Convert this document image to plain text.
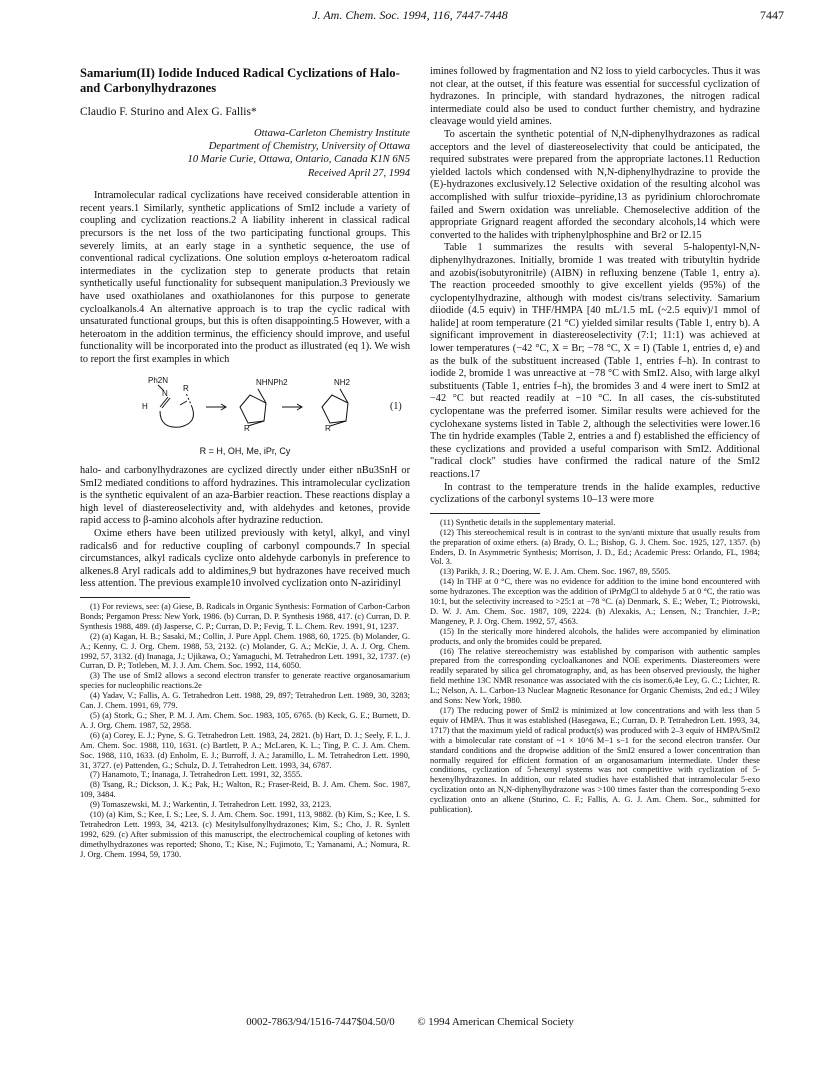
J. Am. Chem. Soc. 1994, 116, 7447-7448	7447
Samarium(II) Iodide Induced Radical Cyclizations of Halo- and Carbonylhydrazones
Claudio F. Sturino and Alex G. Fallis*
Ottawa-Carleton Chemistry Institute
Department of Chemistry, University of Ottawa
10 Marie Curie, Ottawa, Ontario, Canada K1N 6N5
Received April 27, 1994

Intramolecular radical cyclizations have received considerable attention in recent years.1 Similarly, synthetic applications of SmI2 include a variety of coupling and cyclization reactions.2 A liability inherent in classical radical precursors is the net loss of the two participating functional groups. This severely limits, at an early stage in a synthetic sequence, the use of conventional radical cyclizations. One solution employs α-heteroatom radical intermediates in the cyclization step to generate products that retain synthetically useful functionality for subsequent manipulation.3 Previously we have used oxathiolanes and oxathiolanones for this purpose to generate cycloalkanols.4 An alternative approach is to trap the cyclic radical with unsaturated functional groups, but this is often disappointing.5 However, with a heteroatom in the addition terminus, the efficiency should improve, and useful functionality will be incorporated into the product as illustrated (eq 1). We wish to report the first examples in which

Ph2N
N
R
H
NHNPh2
R
NH2
R
(1)
R = H, OH, Me, iPr, Cy

halo- and carbonylhydrazones are cyclized directly under either nBu3SnH or SmI2 mediated conditions to afford hydrazines. This intramolecular cyclization is the synthetic equivalent of an aza-Barbier reaction. These reactions display a high level of diastereoselectivity and, with aldehydes and ketones, provide rapid access to β-amino alcohols after hydrazine reduction.

Oxime ethers have been utilized previously with ketyl, alkyl, and vinyl radicals6 and for reductive coupling of carbonyl compounds.7 In special circumstances, alkyl radicals cyclize onto aldehyde carbonyls in preference to alkenes.8 Aryl radicals add to aldimines,9 but hydrazones have received much less attention. The previous example10 involved cyclization onto N-aziridinyl

(1) For reviews, see: (a) Giese, B. Radicals in Organic Synthesis: Formation of Carbon-Carbon Bonds; Pergamon Press: New York, 1986. (b) Curran, D. P. Synthesis 1988, 417. (c) Curran, D. P. Synthesis 1988, 489. (d) Jasperse, C. P.; Curran, D. P.; Fevig, T. L. Chem. Rev. 1991, 91, 1237.
(2) (a) Kagan, H. B.; Sasaki, M.; Collin, J. Pure Appl. Chem. 1988, 60, 1725. (b) Molander, G. A.; Kenny, C. J. Org. Chem. 1988, 53, 2132. (c) Molander, G. A.; McKie, J. A. J. Org. Chem. 1992, 57, 3132. (d) Inanaga, J.; Ujikawa, O.; Yamaguchi, M. Tetrahedron Lett. 1991, 32, 1737. (e) Curran, D. P.; Totleben, M. J. J. Am. Chem. Soc. 1992, 114, 6050.
(3) The use of SmI2 allows a second electron transfer to generate reactive organosamarium species for nucleophilic reactions.2e
(4) Yadav, V.; Fallis, A. G. Tetrahedron Lett. 1988, 29, 897; Tetrahedron Lett. 1989, 30, 3283; Can. J. Chem. 1991, 69, 779.
(5) (a) Stork, G.; Sher, P. M. J. Am. Chem. Soc. 1983, 105, 6765. (b) Keck, G. E.; Burnett, D. A. J. Org. Chem. 1987, 52, 2958.
(6) (a) Corey, E. J.; Pyne, S. G. Tetrahedron Lett. 1983, 24, 2821. (b) Hart, D. J.; Seely, F. L. J. Am. Chem. Soc. 1988, 110, 1631. (c) Bartlett, P. A.; McLaren, K. L.; Ting, P. C. J. Am. Chem. Soc. 1988, 110, 1633. (d) Enholm, E. J.; Burroff, J. A.; Jaramillo, L. M. Tetrahedron Lett. 1990, 31, 3727. (e) Pattenden, G.; Schulz, D. J. Tetrahedron Lett. 1993, 34, 6787.
(7) Hanamoto, T.; Inanaga, J. Tetrahedron Lett. 1991, 32, 3555.
(8) Tsang, R.; Dickson, J. K.; Pak, H.; Walton, R.; Fraser-Reid, B. J. Am. Chem. Soc. 1987, 109, 3484.
(9) Tomaszewski, M. J.; Warkentin, J. Tetrahedron Lett. 1992, 33, 2123.
(10) (a) Kim, S.; Kee, I. S.; Lee, S. J. Am. Chem. Soc. 1991, 113, 9882. (b) Kim, S.; Kee, I. S. Tetrahedron Lett. 1993, 34, 4213. (c) Mesitylsulfonylhydrazones; Kim, S.; Cho, J. R. Synlett 1992, 629. (c) After submission of this manuscript, the electrochemical coupling of ketones with dimethylhydrazones was reported; Shono, T.; Kise, N.; Fujimoto, T.; Yamanami, A.; Nomura, R. J. Org. Chem. 1994, 59, 1730.

imines followed by fragmentation and N2 loss to yield carbocycles. Thus it was not clear, at the outset, if this feature was essential for successful cyclization of hydrazones. In principle, with standard hydrazones, the nitrogen radical intermediate could also be used to conduct further chemistry, and hydrazine cleavage would yield amines.

To ascertain the synthetic potential of N,N-diphenylhydrazones as radical acceptors and the level of diastereoselectivity that could be anticipated, the required substrates were prepared from the appropriate lactones.11 Reduction yielded lactols which condensed with N,N-diphenylhydrazine to provide the (E)-hydrazones exclusively.12 Selective oxidation of the resulting alcohol was accomplished with sulfur trioxide–pyridine,13 as pyridinium chlorochromate failed and Swern oxidation was unreliable. Chemoselective addition of the appropriate Grignard reagent afforded the secondary alcohols,14 which were converted to the halides with triphenylphosphine and Br2 or I2.15

Table 1 summarizes the results with several 5-halopentyl-N,N-diphenylhydrazones. Initially, bromide 1 was treated with tributyltin hydride and azobis(isobutyronitrile) (AIBN) in refluxing benzene (Table 1, entry a). The reaction proceeded smoothly to give excellent yields (95%) of the cyclopentylhydrazine, although with modest cis/trans selectivity. Samarium diiodide (4.5 equiv) in THF/HMPA [40 mL/1.5 mL (~2.5 equiv)/1 mmol of halide] at room temperature (21 °C) yielded similar results (Table 1, entry b). A significant improvement in diastereoselectivity (7:1; 11:1) was achieved at lower temperatures (−42 °C, X = Br; −78 °C, X = I) (Table 1, entries d, e) and as the bulk of the substituent increased (Table 1, entries f–h). In contrast to iodide 2, bromide 1 was unreactive at −78 °C with SmI2. Also, with large alkyl substituents (Table 1, entries f–h), the bromides 3 and 4 were inert to SmI2 at −42 °C but reacted readily at −10 °C. In all cases, the cis-substituted cyclopentane was the preferred isomer. Similar results were achieved for the cyclohexane systems listed in Table 2, although the selectivities were lower.16 The tin hydride examples (Table 2, entries a and f) established the efficiency of these cyclizations and provided a useful comparison with SmI2. Additional "radical clock" studies have confirmed the radical nature of the SmI2 reactions.17

In contrast to the temperature trends in the halide examples, reductive cyclizations of the carbonyl systems 10–13 were more

(11) Synthetic details in the supplementary material.
(12) This stereochemical result is in contrast to the syn/anti mixture that usually results from the preparation of oxime ethers. (a) Brady, O. L.; Bishop, G. J. Chem. Soc. 1925, 127, 1357. (b) Enders, D. In Asymmetric Synthesis; Morrison, J. D., Ed.; Academic Press: Orlando, FL, 1984; Vol. 3.
(13) Parikh, J. R.; Doering, W. E. J. Am. Chem. Soc. 1967, 89, 5505.
(14) In THF at 0 °C, there was no evidence for addition to the imine bond encountered with some hydrazones. The exception was the addition of iPrMgCl to aldehyde 5 at 0 °C, the ratio was 10:1, but the selectivity increased to >25:1 at −78 °C. (a) Denmark, S. E.; Weber, T.; Piotrowski, D. W. J. Am. Chem. Soc. 1987, 109, 2224. (b) Alexakis, A.; Lensen, N.; Tranchier, J.-P.; Mangeney, P. J. Org. Chem. 1992, 57, 4563.
(15) In the sterically more hindered alcohols, the halides were accompanied by elimination products, and only the bromides could be prepared.
(16) The relative stereochemistry was established by comparison with authentic samples prepared from the corresponding cycloalkanones and NOE experiments. Diastereomers were readily separated by silica gel chromatography, and, as has been observed previously, the higher field methine 13C NMR resonance was associated with the cis isomer.6,4e Ley, G. C.; Lichter, R. L.; Nelson, A. L. Carbon-13 Nuclear Magnetic Resonance for Organic Chemists, 2nd ed.; J Wiley and Sons: New York, 1980.
(17) The reducing power of SmI2 is minimized at low concentrations and with less than 5 equiv of HMPA. Thus it was established (Hasegawa, E.; Curran, D. P. Tetrahedron Lett. 1993, 34, 1717) that the maximum yield of radical product(s) was produced with 2–3 equiv of HMPA/SmI2 with a bimolecular rate constant of ~1 × 10^6 M−1 s−1 for the second electron transfer. Our standard conditions and the dropwise addition of the SmI2 ensured a lower concentration than normally required for efficient formation of an organosamarium intermediate. Under these conditions, cyclization of 5-hexenyl systems was not competitive with cyclization of 5-hexenylhydrazones. In addition, our related studies have established that intramolecular 5-exo cyclization onto an N,N-diphenylhydrazone was >100 times faster than the corresponding 5-exo cyclization onto an alkene (Sturino, C. F.; Fallis, A. G. J. Am. Chem. Soc., submitted for publication).
0002-7863/94/1516-7447$04.50/0 © 1994 American Chemical Society
